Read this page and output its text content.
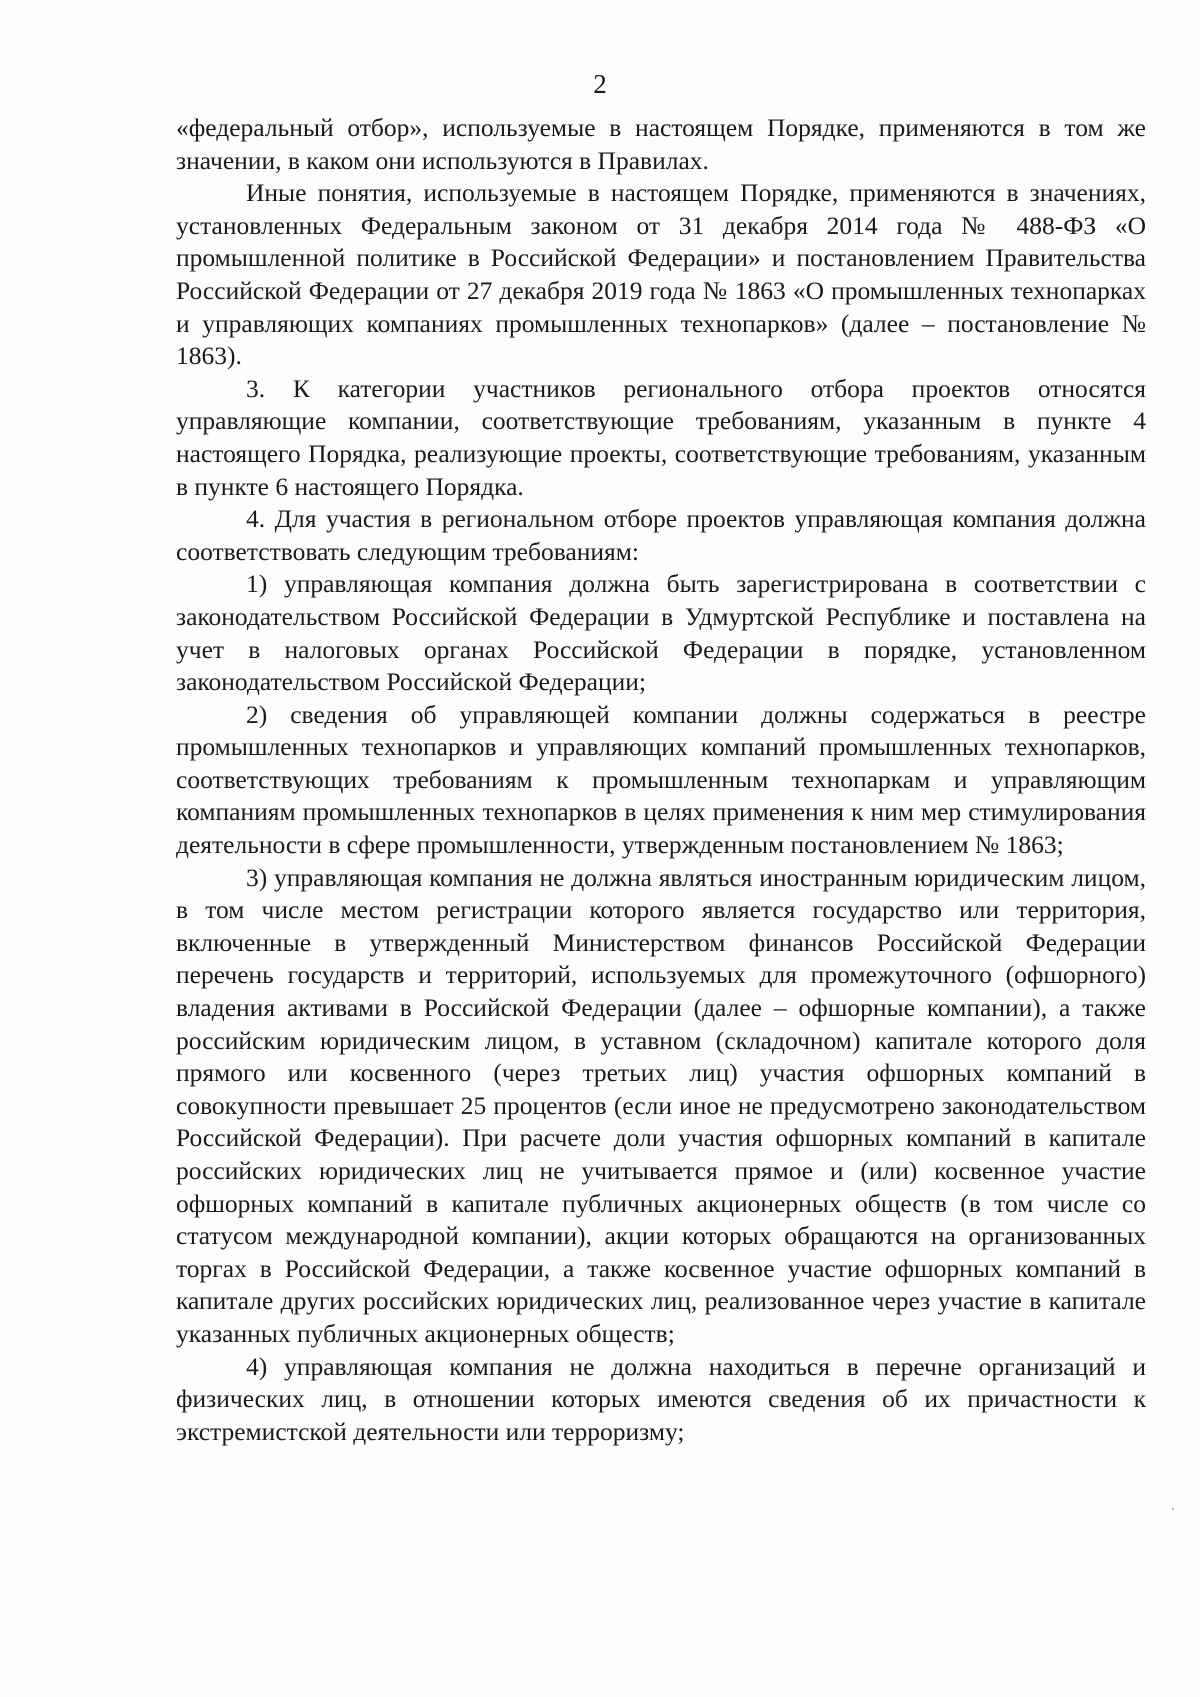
2

«федеральный отбор», используемые в настоящем Порядке, применяются в том же значении, в каком они используются в Правилах.

Иные понятия, используемые в настоящем Порядке, применяются в значениях, установленных Федеральным законом от 31 декабря 2014 года № 488-ФЗ «О промышленной политике в Российской Федерации» и постановлением Правительства Российской Федерации от 27 декабря 2019 года № 1863 «О промышленных технопарках и управляющих компаниях промышленных технопарков» (далее – постановление № 1863).

3. К категории участников регионального отбора проектов относятся управляющие компании, соответствующие требованиям, указанным в пункте 4 настоящего Порядка, реализующие проекты, соответствующие требованиям, указанным в пункте 6 настоящего Порядка.

4. Для участия в региональном отборе проектов управляющая компания должна соответствовать следующим требованиям:

1) управляющая компания должна быть зарегистрирована в соответствии с законодательством Российской Федерации в Удмуртской Республике и поставлена на учет в налоговых органах Российской Федерации в порядке, установленном законодательством Российской Федерации;

2) сведения об управляющей компании должны содержаться в реестре промышленных технопарков и управляющих компаний промышленных технопарков, соответствующих требованиям к промышленным технопаркам и управляющим компаниям промышленных технопарков в целях применения к ним мер стимулирования деятельности в сфере промышленности, утвержденным постановлением № 1863;

3) управляющая компания не должна являться иностранным юридическим лицом, в том числе местом регистрации которого является государство или территория, включенные в утвержденный Министерством финансов Российской Федерации перечень государств и территорий, используемых для промежуточного (офшорного) владения активами в Российской Федерации (далее – офшорные компании), а также российским юридическим лицом, в уставном (складочном) капитале которого доля прямого или косвенного (через третьих лиц) участия офшорных компаний в совокупности превышает 25 процентов (если иное не предусмотрено законодательством Российской Федерации). При расчете доли участия офшорных компаний в капитале российских юридических лиц не учитывается прямое и (или) косвенное участие офшорных компаний в капитале публичных акционерных обществ (в том числе со статусом международной компании), акции которых обращаются на организованных торгах в Российской Федерации, а также косвенное участие офшорных компаний в капитале других российских юридических лиц, реализованное через участие в капитале указанных публичных акционерных обществ;

4) управляющая компания не должна находиться в перечне организаций и физических лиц, в отношении которых имеются сведения об их причастности к экстремистской деятельности или терроризму;
